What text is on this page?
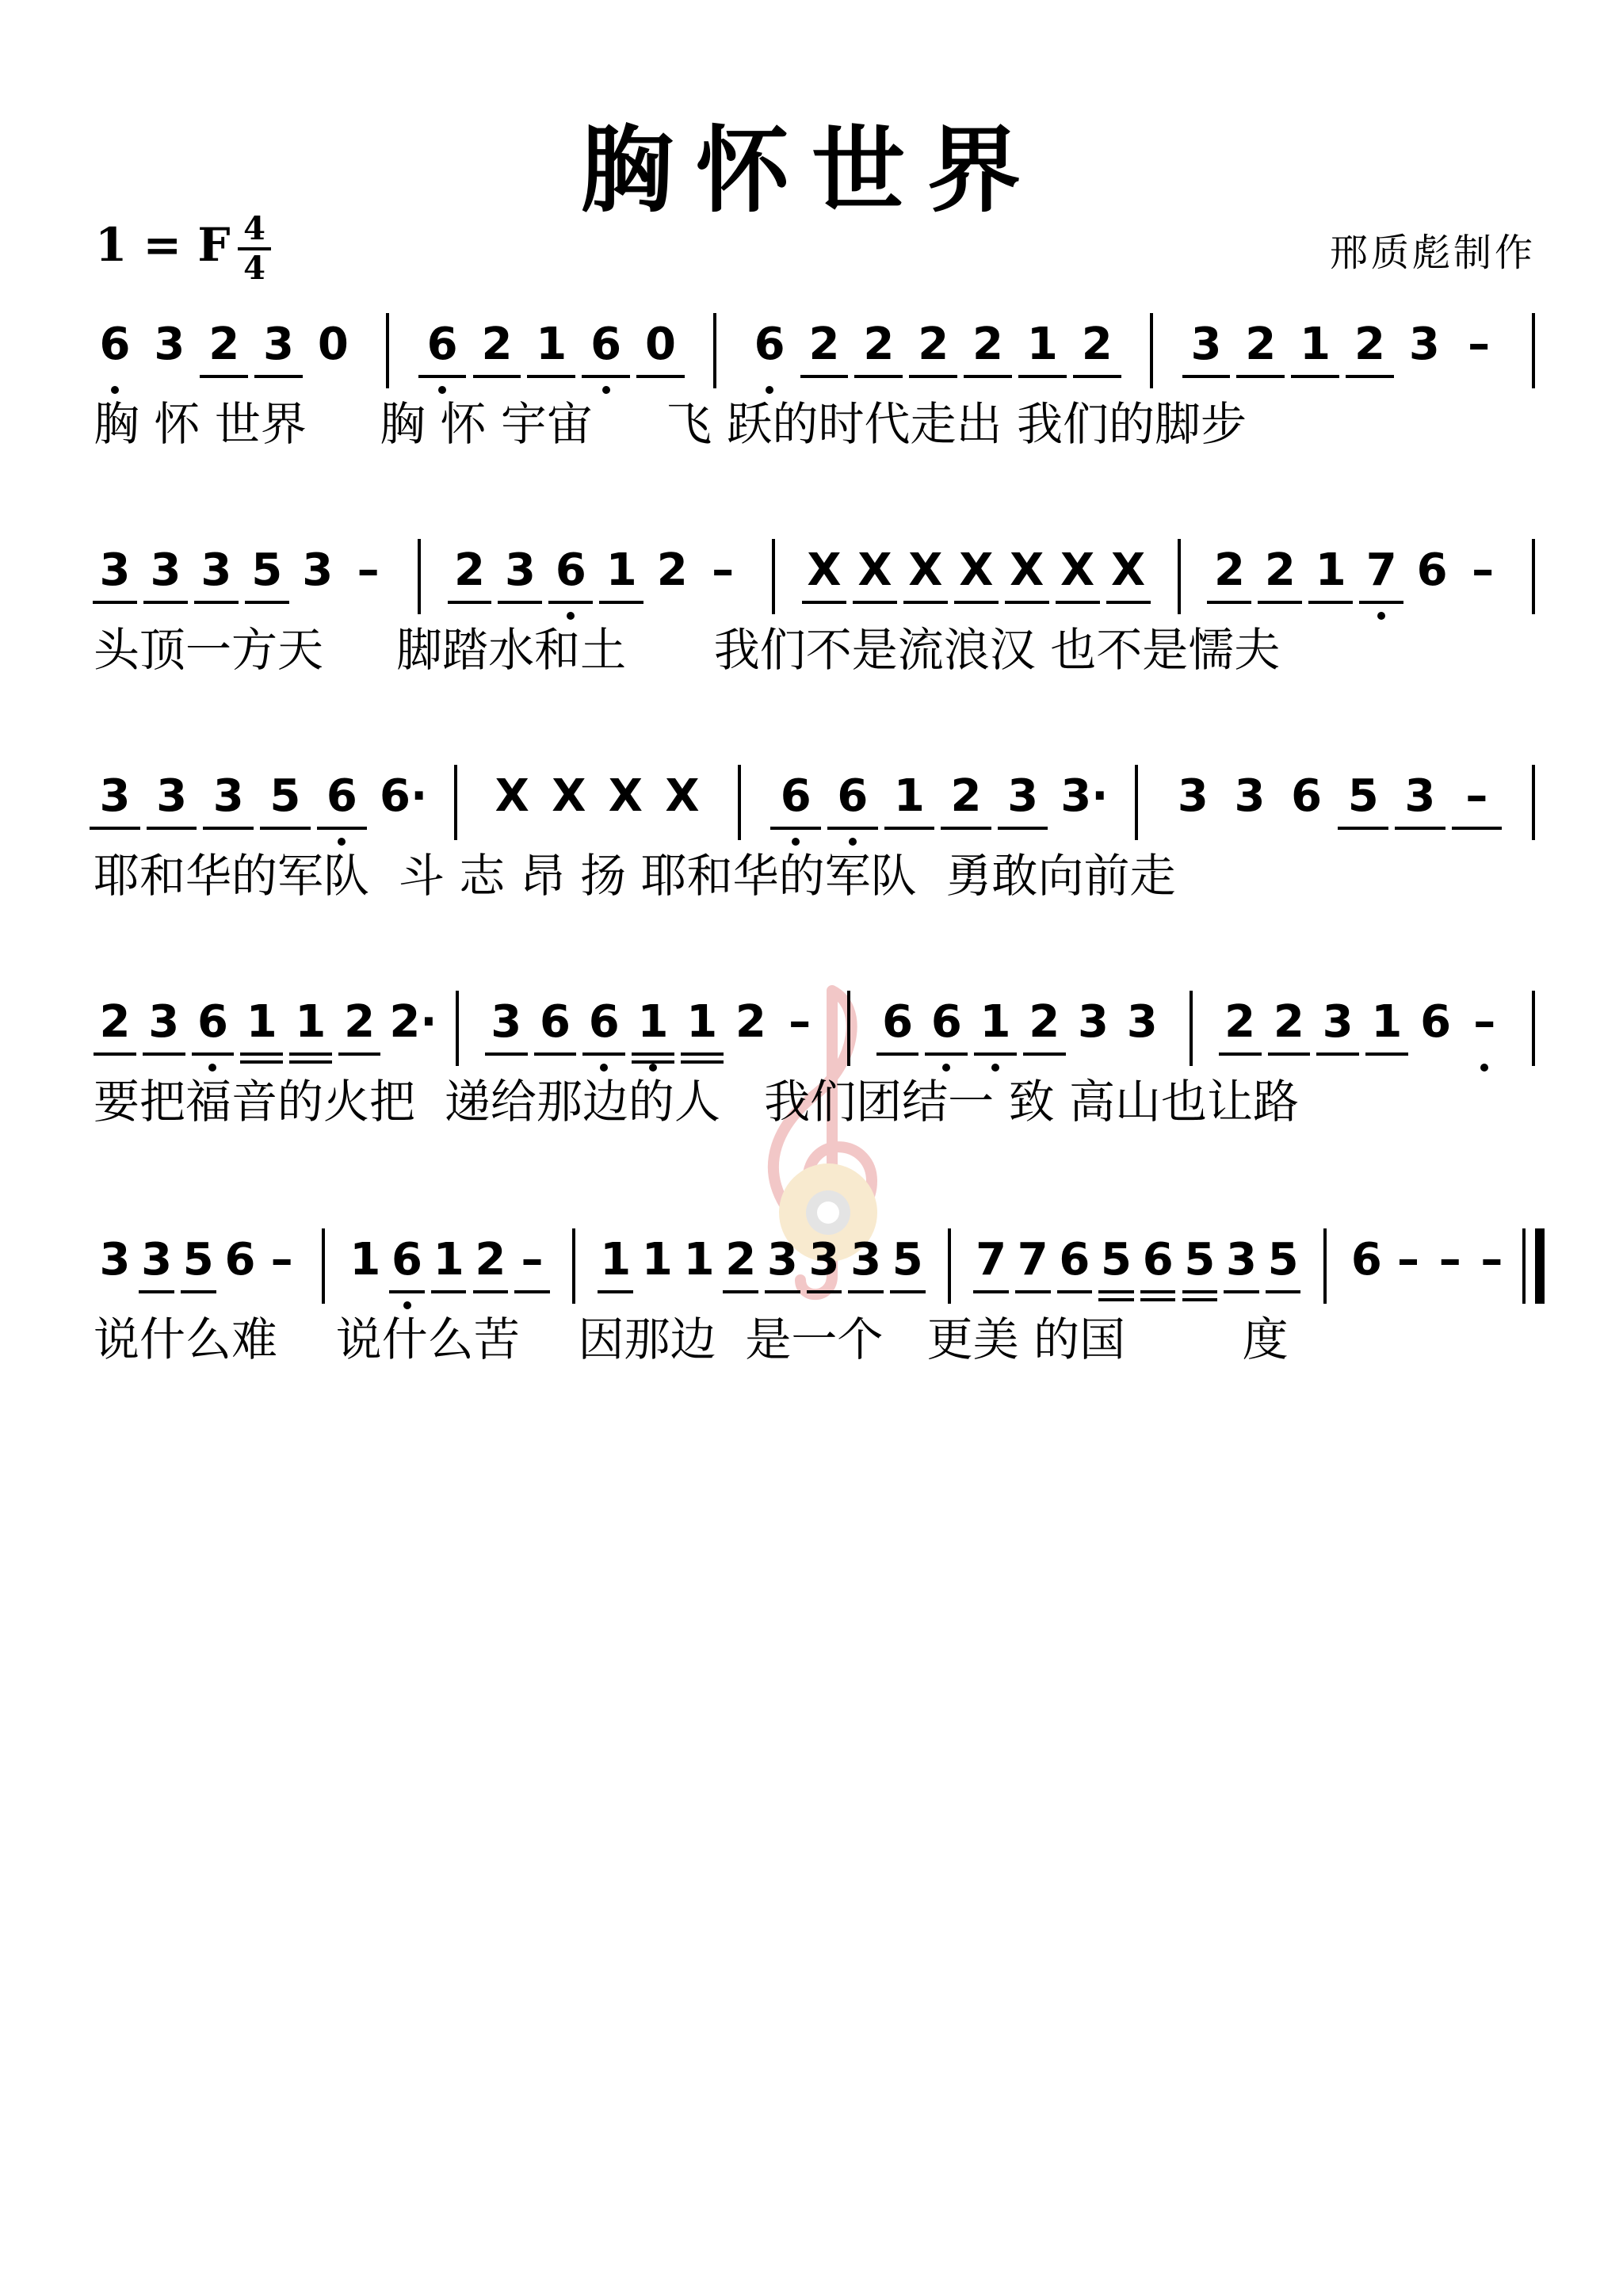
胸怀世界
1 = F 4
4	邢质彪制作
6 3 2 3 0 6 2 1 6 0 6 2 2 2 2 1 2 3 2 1 2 3 –
胸 怀 世界     胸 怀 宇宙     飞 跃的时代走出 我们的脚步
3 3 3 5 3 – 2 3 6 1 2 – X X X X X X X 2 2 1 7 6 –
头顶一方天     脚踏水和土      我们不是流浪汉 也不是懦夫
3 3 3 5 6 6· X X X X 6 6 1 2 3 3· 3 3 6 5 3 –
耶和华的军队  斗 志 昂 扬 耶和华的军队  勇敢向前走
2 3 6 1 1 2 2· 3 6 6 1 1 2 – 6 6 1 2 3 3 2 2 3 1 6 –
要把福音的火把  递给那边的人   我们团结一 致 高山也让路
3 3 5 6 – 1 6 1 2 – 1 1 1 2 3 3 3 5 7 7 6 5 6 5 3 5 6 – – –
说什么难    说什么苦    因那边  是一个   更美 的国        度
